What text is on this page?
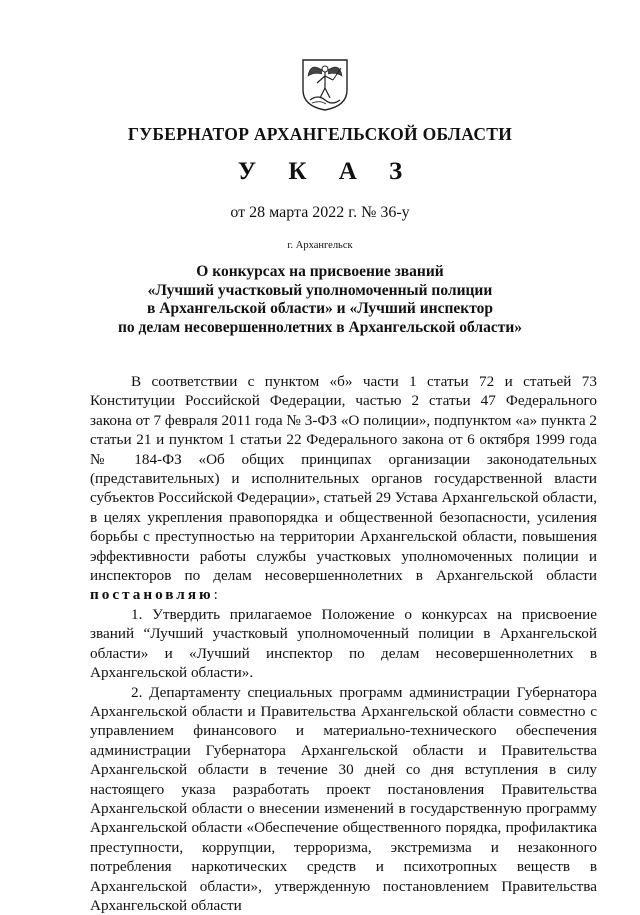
ГУБЕРНАТОР АРХАНГЕЛЬСКОЙ ОБЛАСТИ
У К А З
от 28 марта 2022 г. № 36-у
г. Архангельск
О конкурсах на присвоение званий
«Лучший участковый уполномоченный полиции
в Архангельской области» и «Лучший инспектор
по делам несовершеннолетних в Архангельской области»

В соответствии с пунктом «б» части 1 статьи 72 и статьей 73 Конституции Российской Федерации, частью 2 статьи 47 Федерального закона от 7 февраля 2011 года № 3-ФЗ «О полиции», подпунктом «а» пункта 2 статьи 21 и пунктом 1 статьи 22 Федерального закона от 6 октября 1999 года № 184-ФЗ «Об общих принципах организации законодательных (представительных) и исполнительных органов государственной власти субъектов Российской Федерации», статьей 29 Устава Архангельской области, в целях укрепления правопорядка и общественной безопасности, усиления борьбы с преступностью на территории Архангельской области, повышения эффективности работы службы участковых уполномоченных полиции и инспекторов по делам несовершеннолетних в Архангельской области постановляю:

1. Утвердить прилагаемое Положение о конкурсах на присвоение званий “Лучший участковый уполномоченный полиции в Архангельской области» и «Лучший инспектор по делам несовершеннолетних в Архангельской области».

2. Департаменту специальных программ администрации Губернатора Архангельской области и Правительства Архангельской области совместно с управлением финансового и материально-технического обеспечения администрации Губернатора Архангельской области и Правительства Архангельской области в течение 30 дней со дня вступления в силу настоящего указа разработать проект постановления Правительства Архангельской области о внесении изменений в государственную программу Архангельской области «Обеспечение общественного порядка, профилактика преступности, коррупции, терроризма, экстремизма и незаконного потребления наркотических средств и психотропных веществ в Архангельской области», утвержденную постановлением Правительства Архангельской области
